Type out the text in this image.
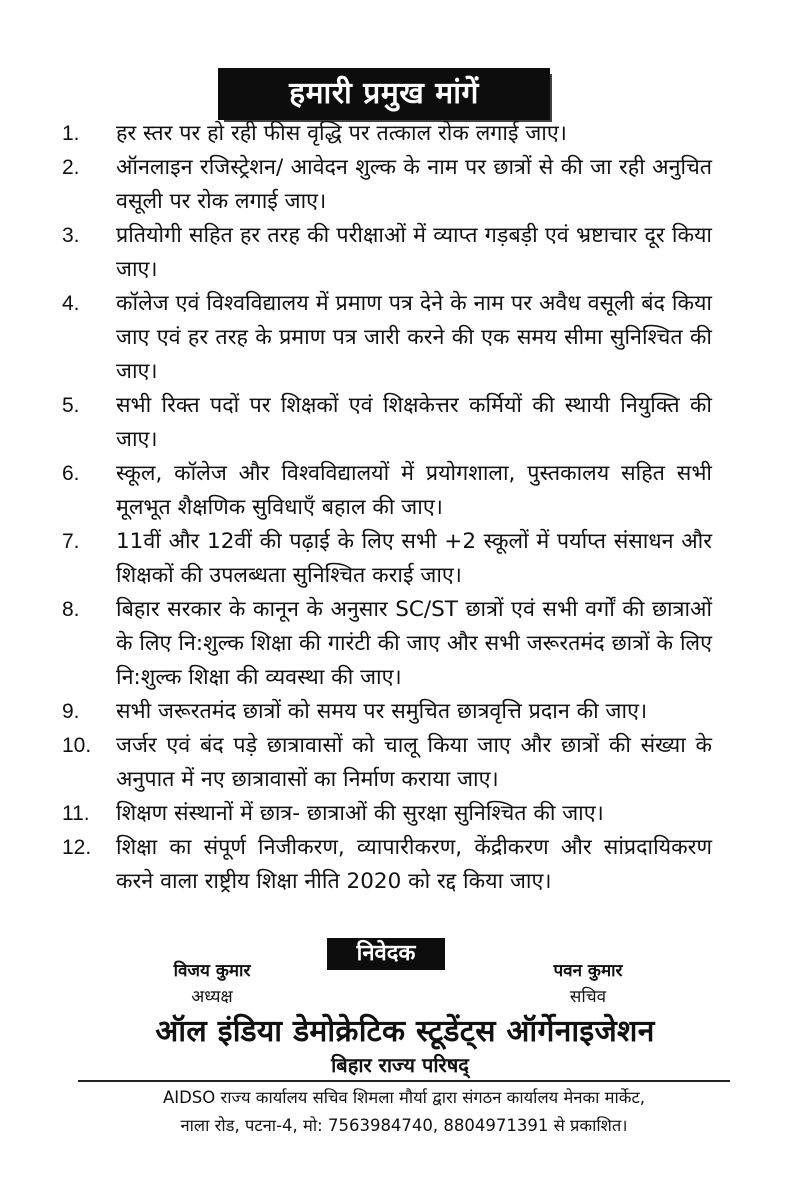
हमारी प्रमुख मांगें
1.	हर स्तर पर हो रही फीस वृद्धि पर तत्काल रोक लगाई जाए।
2.	ऑनलाइन रजिस्ट्रेशन/ आवेदन शुल्क के नाम पर छात्रों से की जा रही अनुचित वसूली पर रोक लगाई जाए।
3.	प्रतियोगी सहित हर तरह की परीक्षाओं में व्याप्त गड़बड़ी एवं भ्रष्टाचार दूर किया जाए।
4.	कॉलेज एवं विश्वविद्यालय में प्रमाण पत्र देने के नाम पर अवैध वसूली बंद किया जाए एवं हर तरह के प्रमाण पत्र जारी करने की एक समय सीमा सुनिश्चित की जाए।
5.	सभी रिक्त पदों पर शिक्षकों एवं शिक्षकेत्तर कर्मियों की स्थायी नियुक्ति की जाए।
6.	स्कूल, कॉलेज और विश्वविद्यालयों में प्रयोगशाला, पुस्तकालय सहित सभी मूलभूत शैक्षणिक सुविधाएँ बहाल की जाए।
7.	11वीं और 12वीं की पढ़ाई के लिए सभी +2 स्कूलों में पर्याप्त संसाधन और शिक्षकों की उपलब्धता सुनिश्चित कराई जाए।
8.	बिहार सरकार के कानून के अनुसार SC/ST छात्रों एवं सभी वर्गों की छात्राओं के लिए नि:शुल्क शिक्षा की गारंटी की जाए और सभी जरूरतमंद छात्रों के लिए नि:शुल्क शिक्षा की व्यवस्था की जाए।
9.	सभी जरूरतमंद छात्रों को समय पर समुचित छात्रवृत्ति प्रदान की जाए।
10.	जर्जर एवं बंद पड़े छात्रावासों को चालू किया जाए और छात्रों की संख्या के अनुपात में नए छात्रावासों का निर्माण कराया जाए।
11.	शिक्षण संस्थानों में छात्र- छात्राओं की सुरक्षा सुनिश्चित की जाए।
12.	शिक्षा का संपूर्ण निजीकरण, व्यापारीकरण, केंद्रीकरण और सांप्रदायिकरण करने वाला राष्ट्रीय शिक्षा नीति 2020 को रद्द किया जाए।
विजय कुमार
अध्यक्ष
निवेदक
पवन कुमार
सचिव
ऑल इंडिया डेमोक्रेटिक स्टूडेंट्स ऑर्गेनाइजेशन
बिहार राज्य परिषद्
AIDSO राज्य कार्यालय सचिव शिमला मौर्या द्वारा संगठन कार्यालय मेनका मार्केट,
नाला रोड, पटना-4, मो: 7563984740, 8804971391 से प्रकाशित।
